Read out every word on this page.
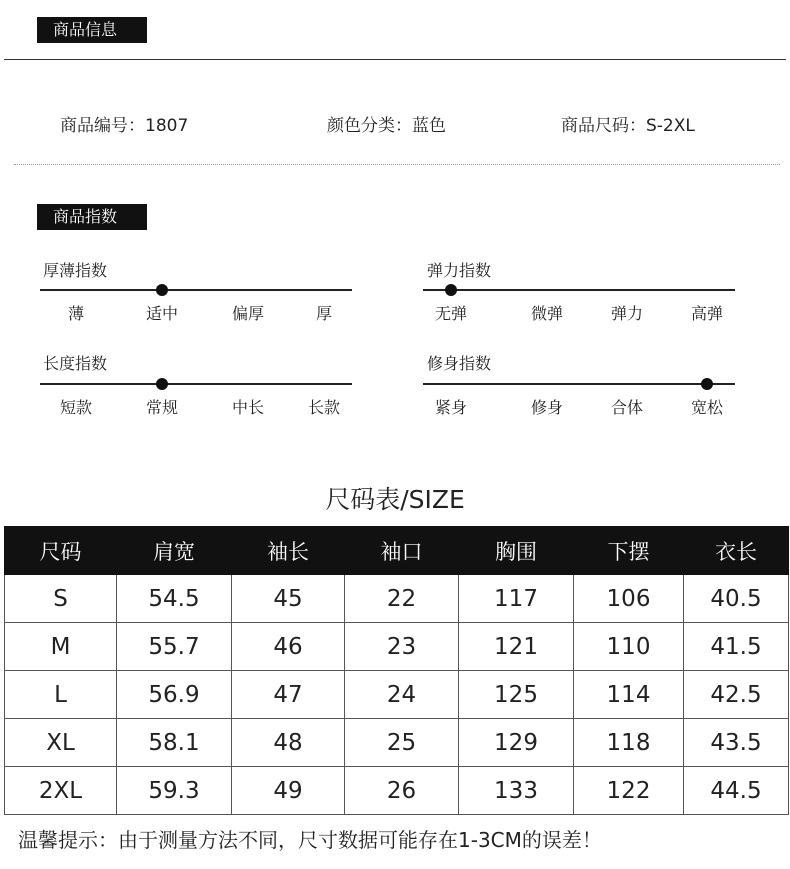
商品信息
商品编号：1807	颜色分类：蓝色	商品尺码：S-2XL
商品指数
厚薄指数
薄	适中	偏厚	厚
弹力指数
无弹	微弹	弹力	高弹
长度指数
短款	常规	中长	长款
修身指数
紧身	修身	合体	宽松
尺码表/SIZE
尺码	肩宽	袖长	袖口	胸围	下摆	衣长
S	54.5	45	22	117	106	40.5
M	55.7	46	23	121	110	41.5
L	56.9	47	24	125	114	42.5
XL	58.1	48	25	129	118	43.5
2XL	59.3	49	26	133	122	44.5
温馨提示：由于测量方法不同，尺寸数据可能存在1-3CM的误差！
